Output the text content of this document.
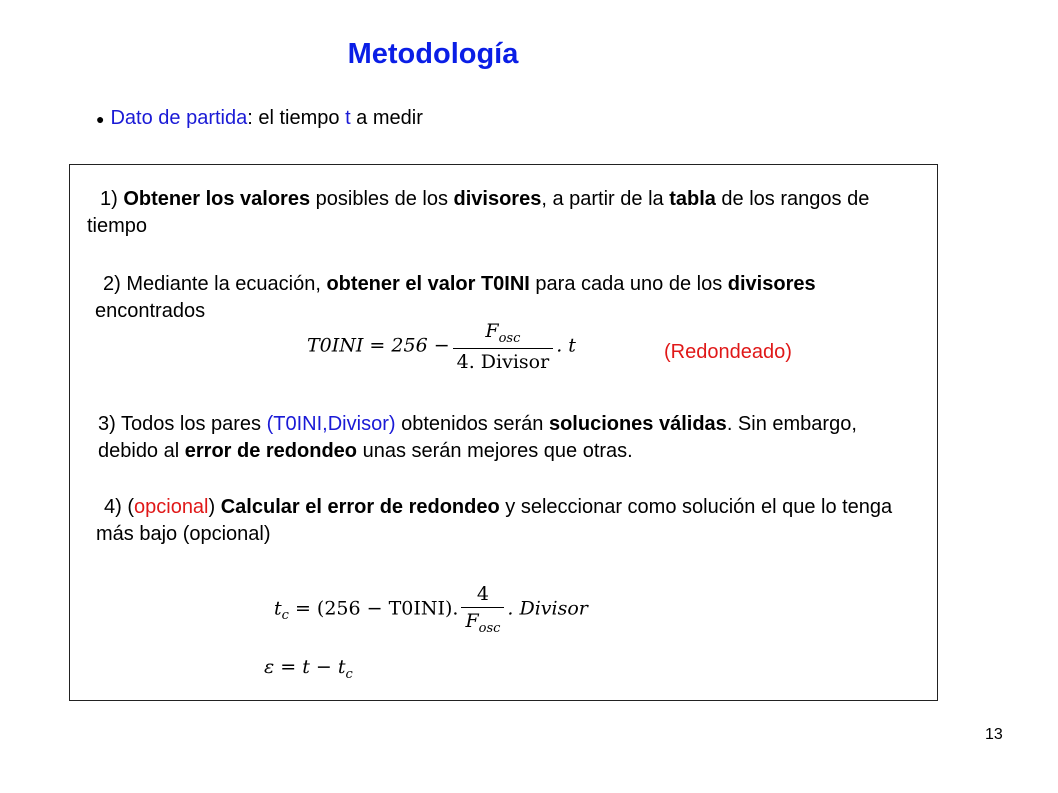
Metodología
● Dato de partida: el tiempo t a medir
1) Obtener los valores posibles de los divisores, a partir de la tabla de los rangos de tiempo
2) Mediante la ecuación, obtener el valor T0INI para cada uno de los divisores encontrados
$T0INI = 256 - \frac{F_{osc}}{\text{4. Divisor}}$ . t	(Redondeado)
3) Todos los pares (T0INI,Divisor) obtenidos serán soluciones válidas. Sin embargo, debido al error de redondeo unas serán mejores que otras.
4) (opcional) Calcular el error de redondeo y seleccionar como solución el que lo tenga más bajo (opcional)
$t_c = (256 - T0INI)$. $\frac{4}{F_{osc}}$ . Divisor
$\varepsilon = t - t_c$
13
